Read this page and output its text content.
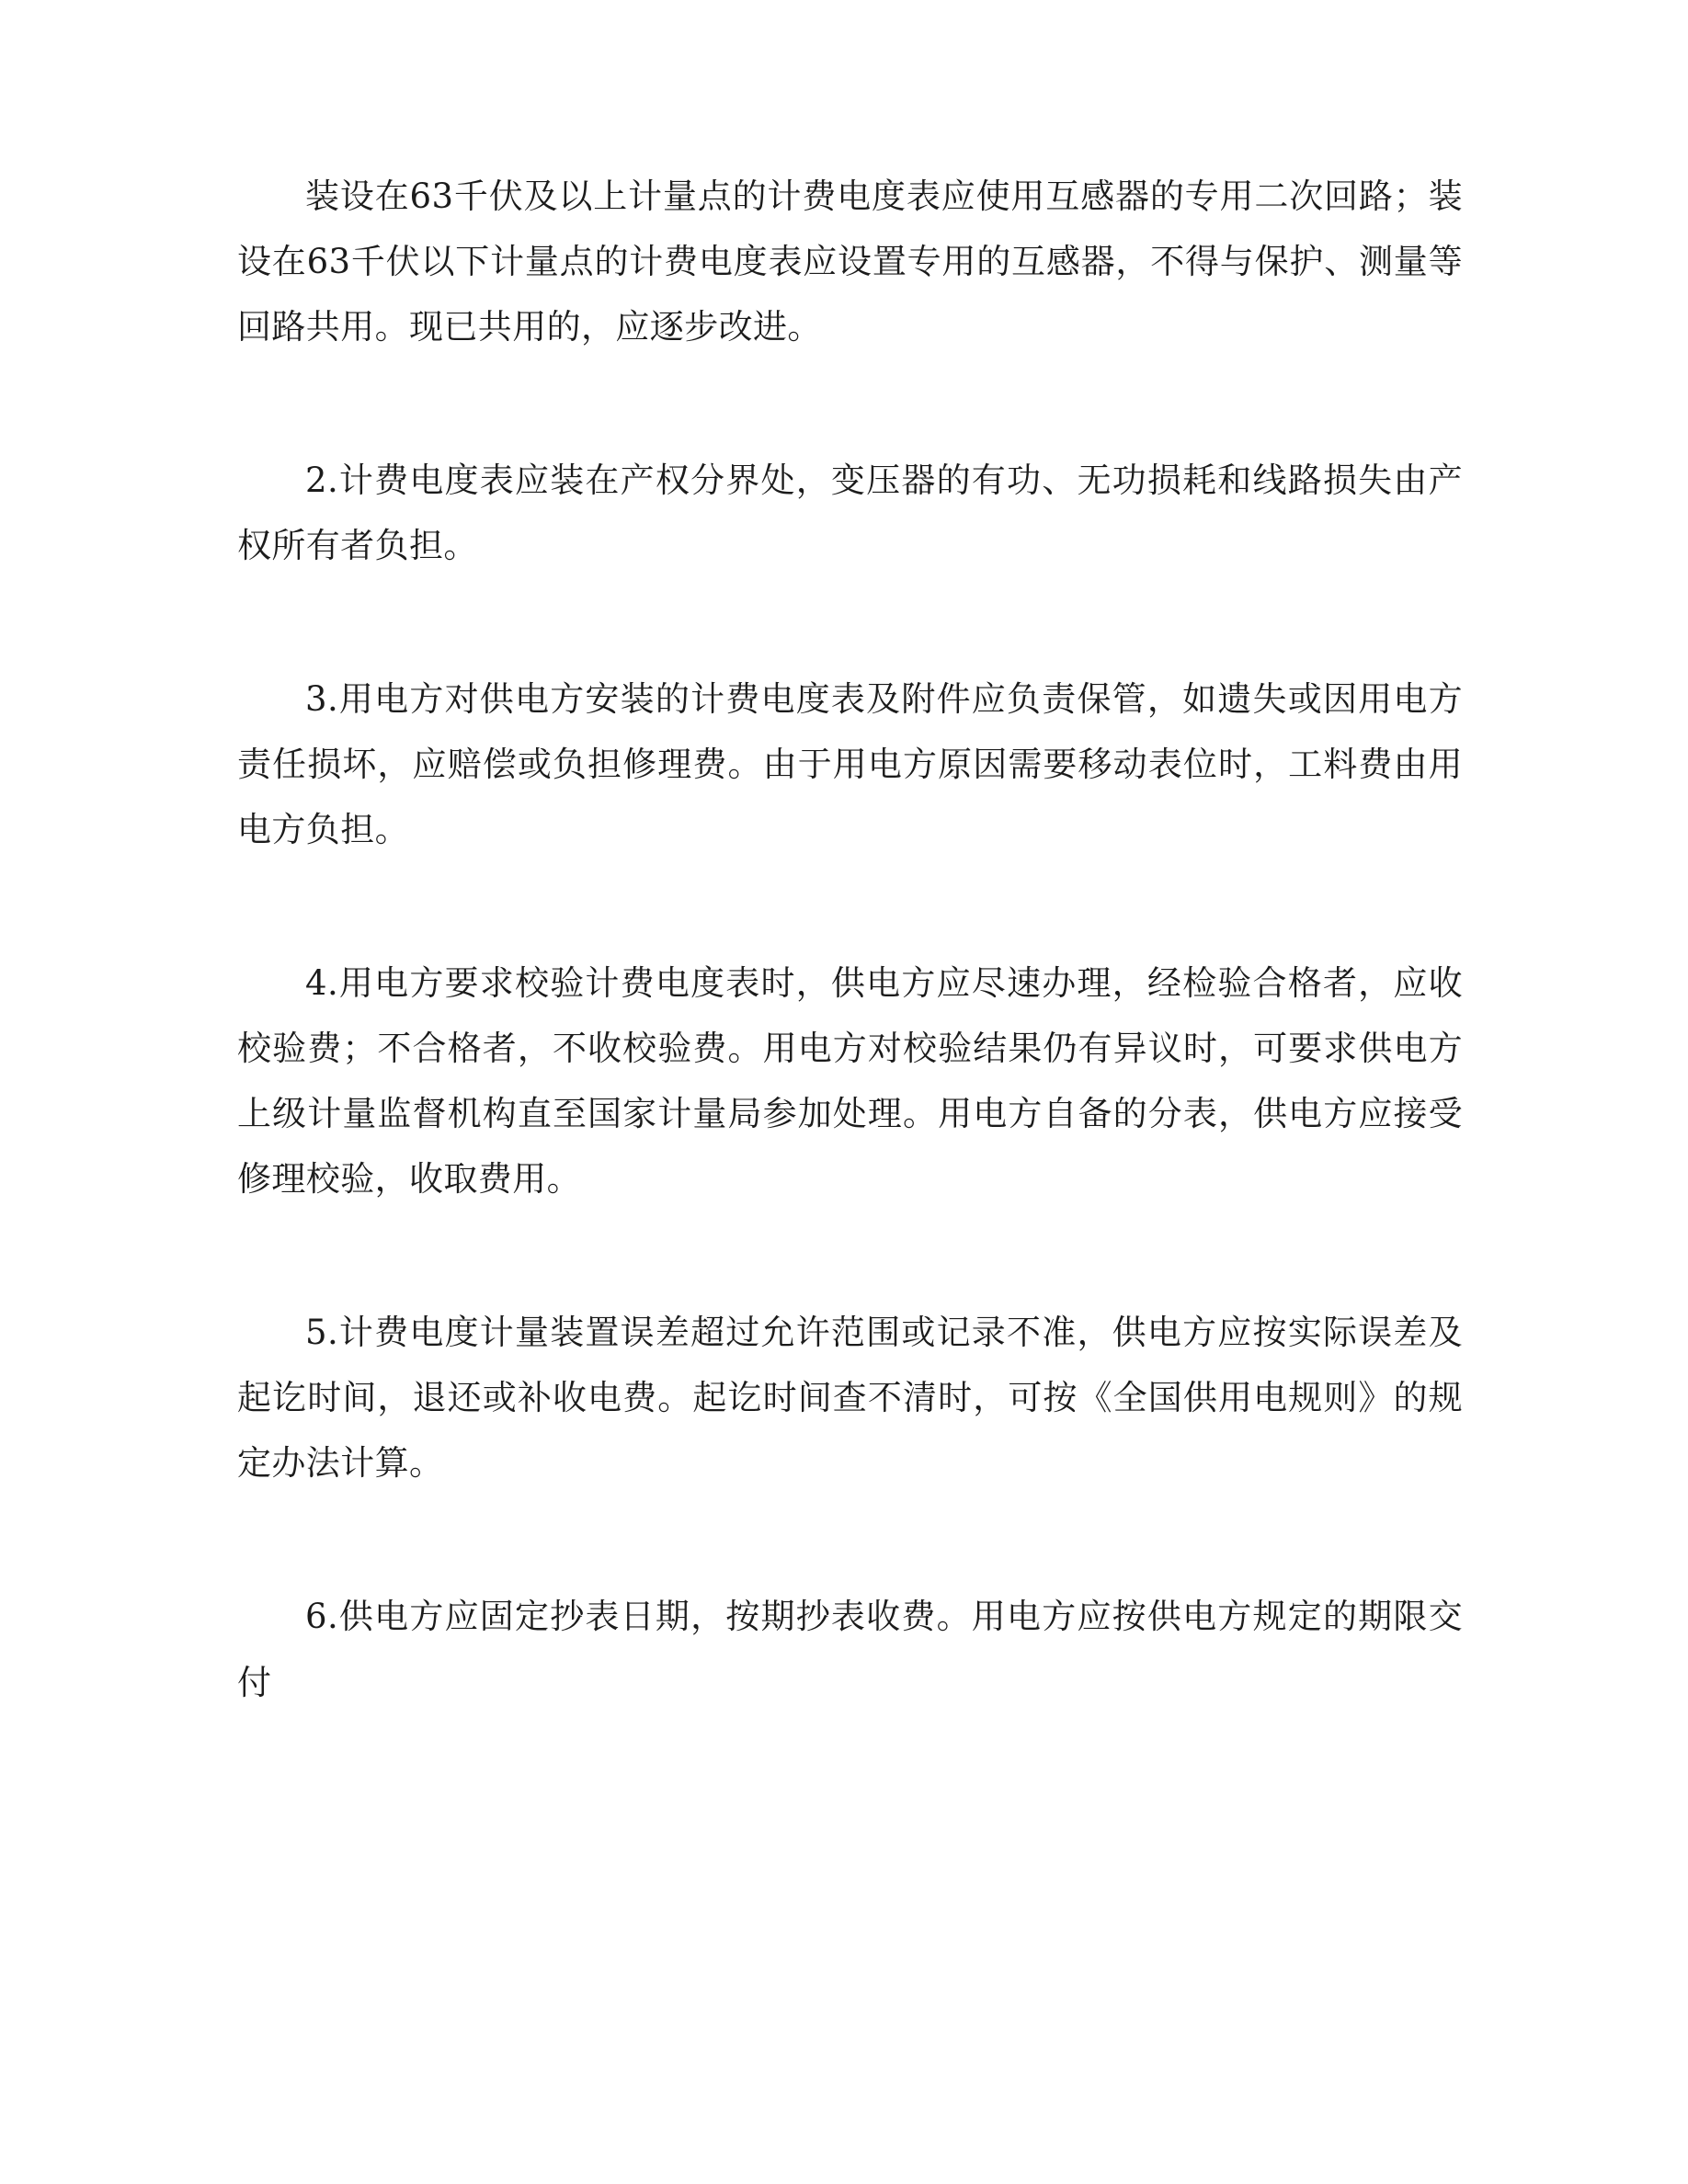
装设在63千伏及以上计量点的计费电度表应使用互感器的专用二次回路；装设在63千伏以下计量点的计费电度表应设置专用的互感器，不得与保护、测量等回路共用。现已共用的，应逐步改进。

2.计费电度表应装在产权分界处，变压器的有功、无功损耗和线路损失由产权所有者负担。

3.用电方对供电方安装的计费电度表及附件应负责保管，如遗失或因用电方责任损坏，应赔偿或负担修理费。由于用电方原因需要移动表位时，工料费由用电方负担。

4.用电方要求校验计费电度表时，供电方应尽速办理，经检验合格者，应收校验费；不合格者，不收校验费。用电方对校验结果仍有异议时，可要求供电方上级计量监督机构直至国家计量局参加处理。用电方自备的分表，供电方应接受修理校验，收取费用。

5.计费电度计量装置误差超过允许范围或记录不准，供电方应按实际误差及起讫时间，退还或补收电费。起讫时间查不清时，可按《全国供用电规则》的规定办法计算。

6.供电方应固定抄表日期，按期抄表收费。用电方应按供电方规定的期限交付
